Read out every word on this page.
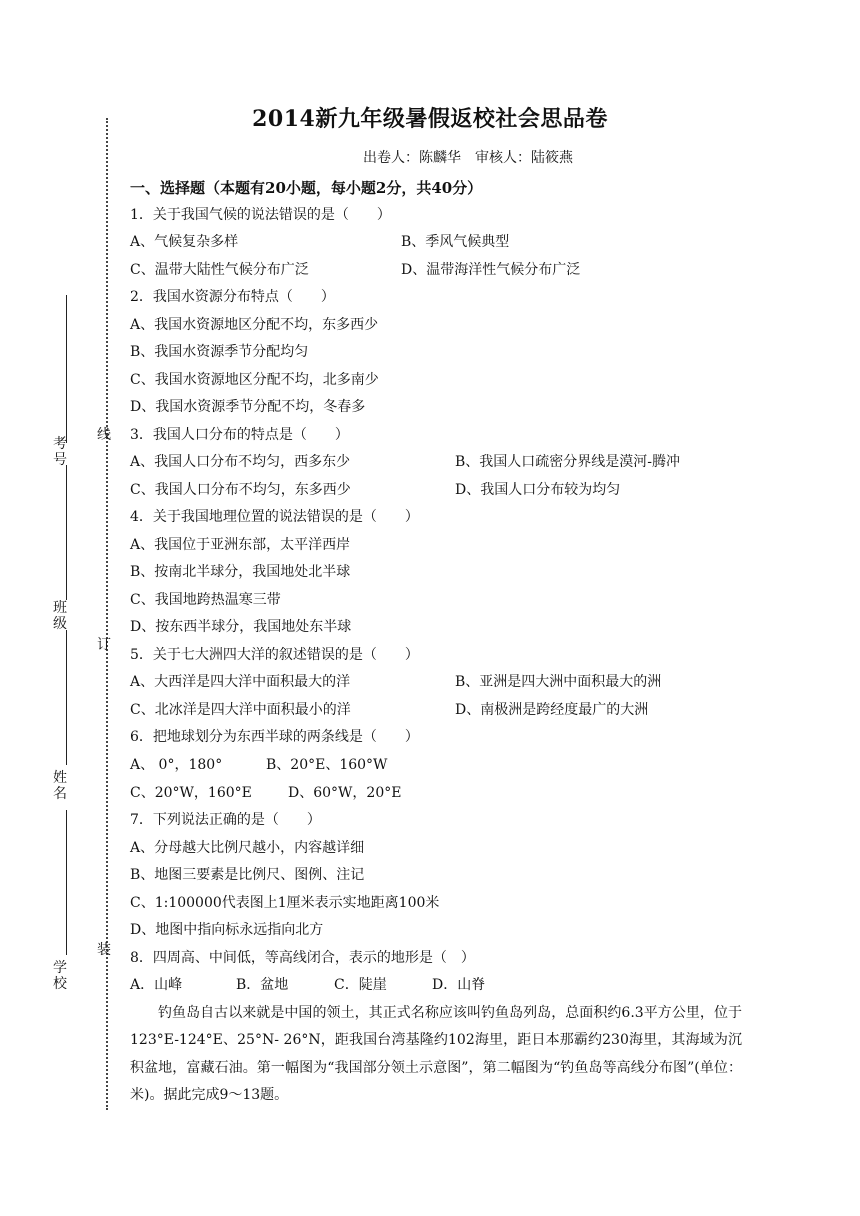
考号
班级
姓名
学校
线
订
装
2014新九年级暑假返校社会思品卷
出卷人：陈麟华　审核人：陆筱燕
一、选择题（本题有20小题，每小题2分，共40分）
1．关于我国气候的说法错误的是（　　）
A、气候复杂多样	B、季风气候典型
C、温带大陆性气候分布广泛	D、温带海洋性气候分布广泛
2．我国水资源分布特点（　　）
A、我国水资源地区分配不均，东多西少
B、我国水资源季节分配均匀
C、我国水资源地区分配不均，北多南少
D、我国水资源季节分配不均，冬春多
3．我国人口分布的特点是（　　）
A、我国人口分布不均匀，西多东少	B、我国人口疏密分界线是漠河-腾冲
C、我国人口分布不均匀，东多西少	D、我国人口分布较为均匀
4．关于我国地理位置的说法错误的是（　　）
A、我国位于亚洲东部，太平洋西岸
B、按南北半球分，我国地处北半球
C、我国地跨热温寒三带
D、按东西半球分，我国地处东半球
5．关于七大洲四大洋的叙述错误的是（　　）
A、大西洋是四大洋中面积最大的洋	B、亚洲是四大洲中面积最大的洲
C、北冰洋是四大洋中面积最小的洋	D、南极洲是跨经度最广的大洲
6．把地球划分为东西半球的两条线是（　　）
A、 0°，180°	B、20°E、160°W
C、20°W，160°E	D、60°W，20°E
7．下列说法正确的是（　　）
A、分母越大比例尺越小，内容越详细
B、地图三要素是比例尺、图例、注记
C、1:100000代表图上1厘米表示实地距离100米
D、地图中指向标永远指向北方
8．四周高、中间低，等高线闭合，表示的地形是（　）
A．山峰	B．盆地	C．陡崖	D．山脊
钓鱼岛自古以来就是中国的领土，其正式名称应该叫钓鱼岛列岛，总面积约6.3平方公里，位于123°E-124°E、25°N- 26°N，距我国台湾基隆约102海里，距日本那霸约230海里，其海域为沉积盆地，富藏石油。第一幅图为“我国部分领土示意图”，第二幅图为“钓鱼岛等高线分布图”(单位：米)。据此完成9～13题。
